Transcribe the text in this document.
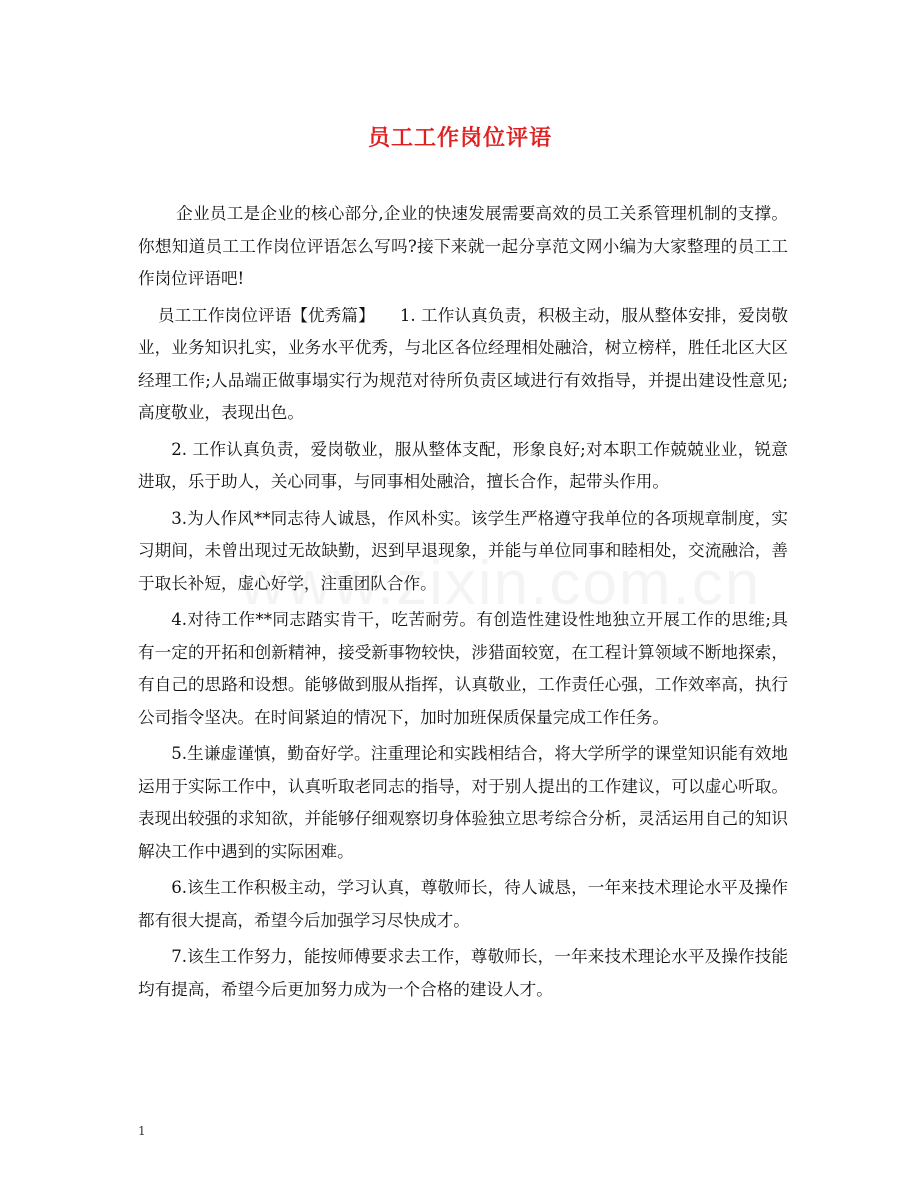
员工工作岗位评语

企业员工是企业的核心部分,企业的快速发展需要高效的员工关系管理机制的支撑。你想知道员工工作岗位评语怎么写吗?接下来就一起分享范文网小编为大家整理的员工工作岗位评语吧!

员工工作岗位评语【优秀篇】　　1. 工作认真负责，积极主动，服从整体安排，爱岗敬业，业务知识扎实，业务水平优秀，与北区各位经理相处融洽，树立榜样，胜任北区大区经理工作;人品端正做事塌实行为规范对待所负责区域进行有效指导，并提出建设性意见;高度敬业，表现出色。

2. 工作认真负责，爱岗敬业，服从整体支配，形象良好;对本职工作兢兢业业，锐意进取，乐于助人，关心同事，与同事相处融洽，擅长合作，起带头作用。

3.为人作风**同志待人诚恳，作风朴实。该学生严格遵守我单位的各项规章制度，实习期间，未曾出现过无故缺勤，迟到早退现象，并能与单位同事和睦相处，交流融洽，善于取长补短，虚心好学，注重团队合作。

4.对待工作**同志踏实肯干，吃苦耐劳。有创造性建设性地独立开展工作的思维;具有一定的开拓和创新精神，接受新事物较快，涉猎面较宽，在工程计算领域不断地探索，有自己的思路和设想。能够做到服从指挥，认真敬业，工作责任心强，工作效率高，执行公司指令坚决。在时间紧迫的情况下，加时加班保质保量完成工作任务。

5.生谦虚谨慎，勤奋好学。注重理论和实践相结合，将大学所学的课堂知识能有效地运用于实际工作中，认真听取老同志的指导，对于别人提出的工作建议，可以虚心听取。表现出较强的求知欲，并能够仔细观察切身体验独立思考综合分析，灵活运用自己的知识解决工作中遇到的实际困难。

6.该生工作积极主动，学习认真，尊敬师长，待人诚恳，一年来技术理论水平及操作都有很大提高，希望今后加强学习尽快成才。

7.该生工作努力，能按师傅要求去工作，尊敬师长，一年来技术理论水平及操作技能均有提高，希望今后更加努力成为一个合格的建设人才。

1
